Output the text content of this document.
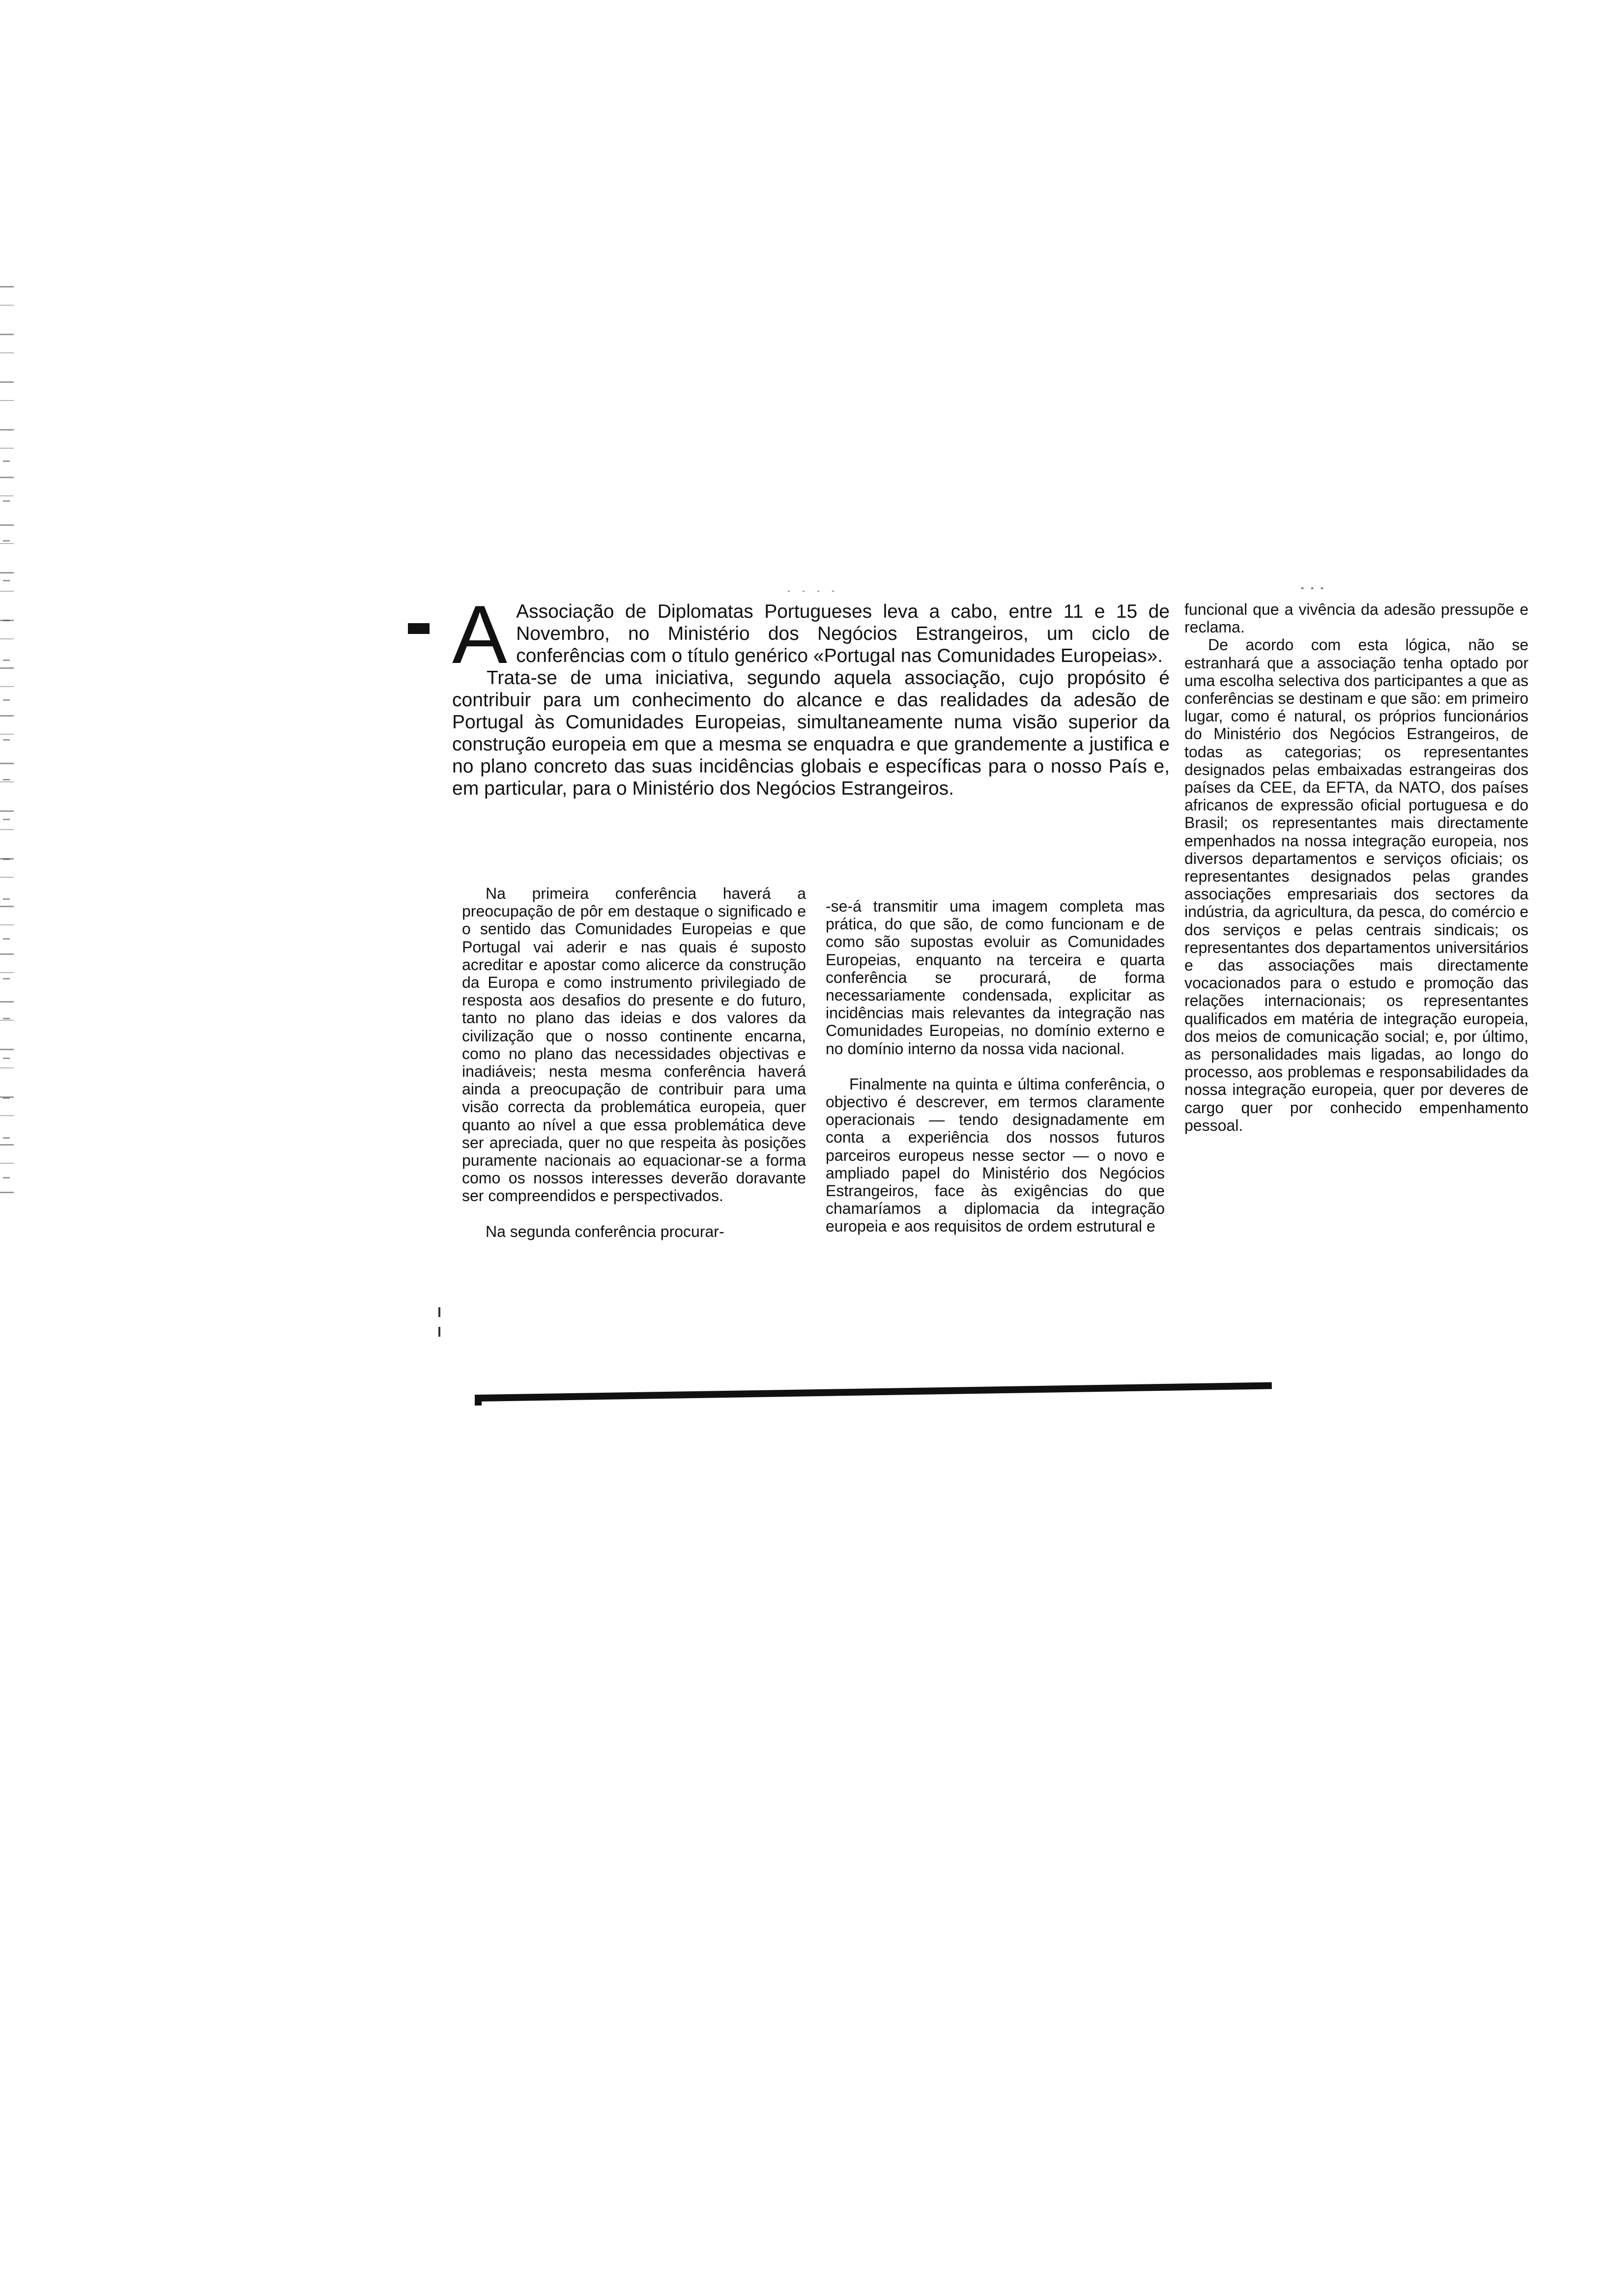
A Associação de Diplomatas Portugueses leva a cabo, entre 11 e 15 de Novembro, no Ministério dos Negócios Estrangeiros, um ciclo de conferências com o título genérico «Portugal nas Comunidades Europeias».

Trata-se de uma iniciativa, segundo aquela associação, cujo propósito é contribuir para um conhecimento do alcance e das realidades da adesão de Portugal às Comunidades Europeias, simultaneamente numa visão superior da construção europeia em que a mesma se enquadra e que grandemente a justifica e no plano concreto das suas incidências globais e específicas para o nosso País e, em particular, para o Ministério dos Negócios Estrangeiros.

Na primeira conferência haverá a preocupação de pôr em destaque o significado e o sentido das Comunidades Europeias e que Portugal vai aderir e nas quais é suposto acreditar e apostar como alicerce da construção da Europa e como instrumento privilegiado de resposta aos desafios do presente e do futuro, tanto no plano das ideias e dos valores da civilização que o nosso continente encarna, como no plano das necessidades objectivas e inadiáveis; nesta mesma conferência haverá ainda a preocupação de contribuir para uma visão correcta da problemática europeia, quer quanto ao nível a que essa problemática deve ser apreciada, quer no que respeita às posições puramente nacionais ao equacionar-se a forma como os nossos interesses deverão doravante ser compreendidos e perspectivados.

Na segunda conferência procurar-

-se-á transmitir uma imagem completa mas prática, do que são, de como funcionam e de como são supostas evoluir as Comunidades Europeias, enquanto na terceira e quarta conferência se procurará, de forma necessariamente condensada, explicitar as incidências mais relevantes da integração nas Comunidades Europeias, no domínio externo e no domínio interno da nossa vida nacional.

Finalmente na quinta e última conferência, o objectivo é descrever, em termos claramente operacionais — tendo designadamente em conta a experiência dos nossos futuros parceiros europeus nesse sector — o novo e ampliado papel do Ministério dos Negócios Estrangeiros, face às exigências do que chamaríamos a diplomacia da integração europeia e aos requisitos de ordem estrutural e

funcional que a vivência da adesão pressupõe e reclama.

De acordo com esta lógica, não se estranhará que a associação tenha optado por uma escolha selectiva dos participantes a que as conferências se destinam e que são: em primeiro lugar, como é natural, os próprios funcionários do Ministério dos Negócios Estrangeiros, de todas as categorias; os representantes designados pelas embaixadas estrangeiras dos países da CEE, da EFTA, da NATO, dos países africanos de expressão oficial portuguesa e do Brasil; os representantes mais directamente empenhados na nossa integração europeia, nos diversos departamentos e serviços oficiais; os representantes designados pelas grandes associações empresariais dos sectores da indústria, da agricultura, da pesca, do comércio e dos serviços e pelas centrais sindicais; os representantes dos departamentos universitários e das associações mais directamente vocacionados para o estudo e promoção das relações internacionais; os representantes qualificados em matéria de integração europeia, dos meios de comunicação social; e, por último, as personalidades mais ligadas, ao longo do processo, aos problemas e responsabilidades da nossa integração europeia, quer por deveres de cargo quer por conhecido empenhamento pessoal.
